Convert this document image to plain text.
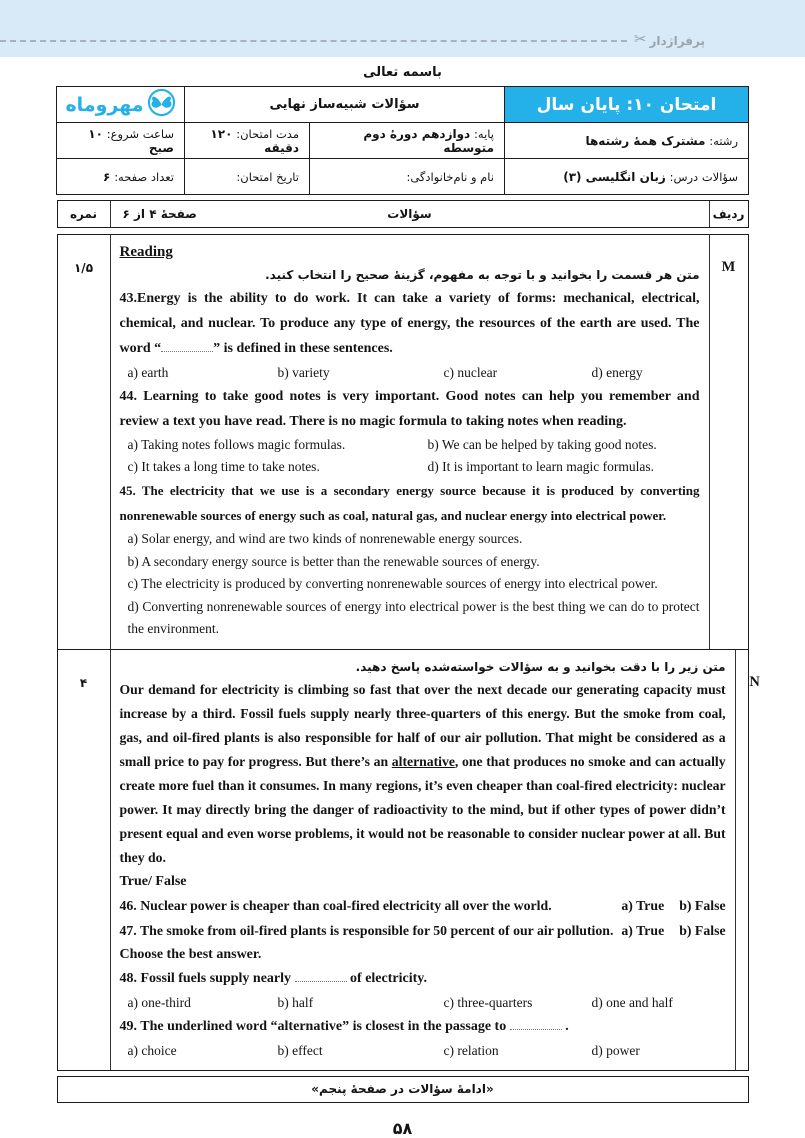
✂ پرفراژدار
باسمه تعالی
امتحان ۱۰: پایان سال	سؤالات شبیه‌ساز نهایی		مهروماه

رشته: مشترک همهٔ رشته‌ها	پایه: دوازدهم دورهٔ دوم متوسطه	مدت امتحان: ۱۲۰ دقیقه	ساعت شروع: ۱۰ صبح
سؤالات درس: زبان انگلیسی (۳)	نام و نام‌خانوادگی:	تاریخ امتحان:	تعداد صفحه: ۶
نمره	صفحهٔ ۴ از ۶	سؤالات	ردیف
۱/۵
Reading
متن هر قسمت را بخوانید و با توجه به مفهوم، گزینهٔ صحیح را انتخاب کنید.

43.Energy is the ability to do work. It can take a variety of forms: mechanical, electrical, chemical, and nuclear. To produce any type of energy, the resources of the earth are used. The word “	” is defined in these sentences.

a) earth	b) variety	c) nuclear	d) energy

44. Learning to take good notes is very important. Good notes can help you remember and review a text you have read. There is no magic formula to taking notes when reading.

a) Taking notes follows magic formulas.	b) We can be helped by taking good notes.
c) It takes a long time to take notes.	d) It is important to learn magic formulas.

45. The electricity that we use is a secondary energy source because it is produced by converting nonrenewable sources of energy such as coal, natural gas, and nuclear energy into electrical power.

a) Solar energy, and wind are two kinds of nonrenewable energy sources.
b) A secondary energy source is better than the renewable sources of energy.
c) The electricity is produced by converting nonrenewable sources of energy into electrical power.
d) Converting nonrenewable sources of energy into electrical power is the best thing we can do to protect the environment.
M
۴
متن زیر را با دقت بخوانید و به سؤالات خواسته‌شده پاسخ دهید.

Our demand for electricity is climbing so fast that over the next decade our generating capacity must increase by a third. Fossil fuels supply nearly three-quarters of this energy. But the smoke from coal, gas, and oil-fired plants is also responsible for half of our air pollution. That might be considered as a small price to pay for progress. But there’s an alternative, one that produces no smoke and can actually create more fuel than it consumes. In many regions, it’s even cheaper than coal-fired electricity: nuclear power. It may directly bring the danger of radioactivity to the mind, but if other types of power didn’t present equal and even worse problems, it would not be reasonable to consider nuclear power at all. But they do.

True/ False
46. Nuclear power is cheaper than coal-fired electricity all over the world.	a) True b) False
47. The smoke from oil-fired plants is responsible for 50 percent of our air pollution. a) True b) False
Choose the best answer.

48. Fossil fuels supply nearly	of electricity.

a) one-third	b) half	c) three-quarters	d) one and half

49. The underlined word “alternative” is closest in the passage to	.

a) choice	b) effect	c) relation	d) power
N
«ادامهٔ سؤالات در صفحهٔ پنجم»
۵۸
